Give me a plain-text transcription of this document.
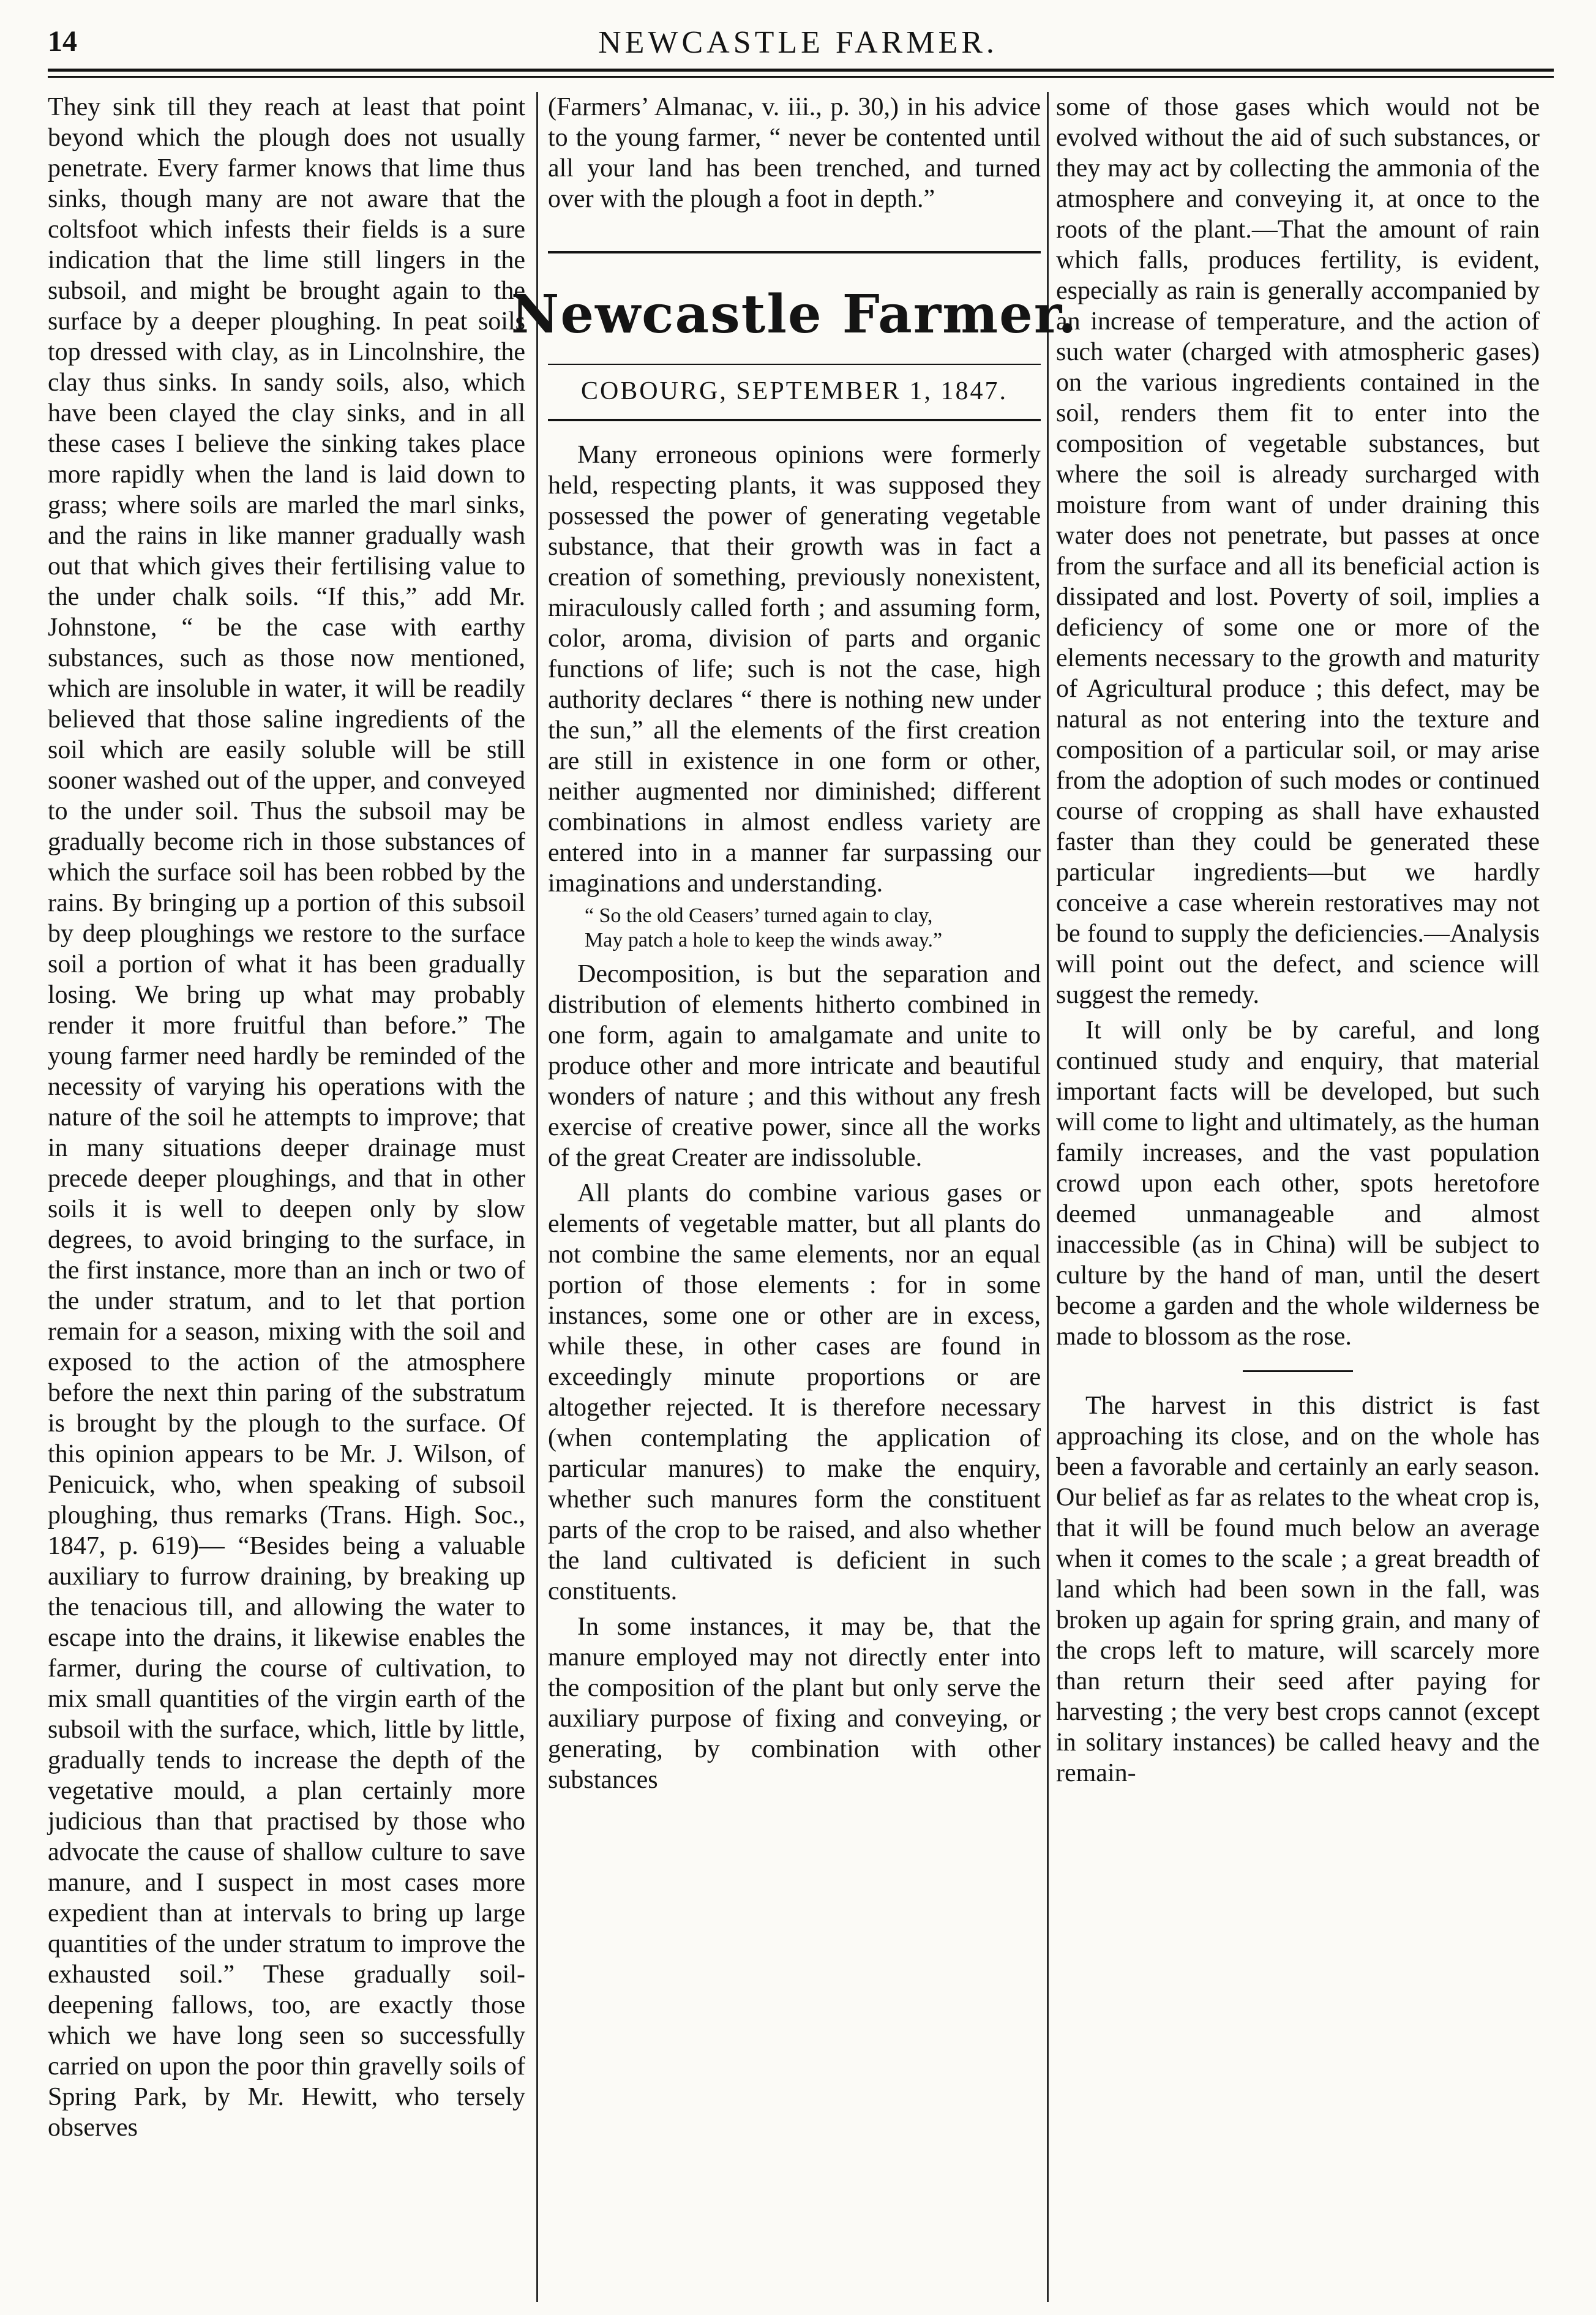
14	NEWCASTLE FARMER.

They sink till they reach at least that point beyond which the plough does not usually penetrate. Every farmer knows that lime thus sinks, though many are not aware that the coltsfoot which infests their fields is a sure indication that the lime still lingers in the subsoil, and might be brought again to the surface by a deeper ploughing. In peat soils top dressed with clay, as in Lincolnshire, the clay thus sinks. In sandy soils, also, which have been clayed the clay sinks, and in all these cases I believe the sinking takes place more rapidly when the land is laid down to grass; where soils are marled the marl sinks, and the rains in like manner gradually wash out that which gives their fertilising value to the under chalk soils. “If this,” add Mr. Johnstone, “ be the case with earthy substances, such as those now mentioned, which are insoluble in water, it will be readily believed that those saline ingredients of the soil which are easily soluble will be still sooner washed out of the upper, and conveyed to the under soil. Thus the subsoil may be gradually become rich in those substances of which the surface soil has been robbed by the rains. By bringing up a portion of this subsoil by deep ploughings we restore to the surface soil a portion of what it has been gradually losing. We bring up what may probably render it more fruitful than before.” The young farmer need hardly be reminded of the necessity of varying his operations with the nature of the soil he attempts to improve; that in many situations deeper drainage must precede deeper ploughings, and that in other soils it is well to deepen only by slow degrees, to avoid bringing to the surface, in the first instance, more than an inch or two of the under stratum, and to let that portion remain for a season, mixing with the soil and exposed to the action of the atmosphere before the next thin paring of the substratum is brought by the plough to the surface. Of this opinion appears to be Mr. J. Wilson, of Penicuick, who, when speaking of subsoil ploughing, thus remarks (Trans. High. Soc., 1847, p. 619)— “Besides being a valuable auxiliary to furrow draining, by breaking up the tenacious till, and allowing the water to escape into the drains, it likewise enables the farmer, during the course of cultivation, to mix small quantities of the virgin earth of the subsoil with the surface, which, little by little, gradually tends to increase the depth of the vegetative mould, a plan certainly more judicious than that practised by those who advocate the cause of shallow culture to save manure, and I suspect in most cases more expedient than at intervals to bring up large quantities of the under stratum to improve the exhausted soil.” These gradually soil-deepening fallows, too, are exactly those which we have long seen so successfully carried on upon the poor thin gravelly soils of Spring Park, by Mr. Hewitt, who tersely observes

(Farmers’ Almanac, v. iii., p. 30,) in his advice to the young farmer, “ never be contented until all your land has been trenched, and turned over with the plough a foot in depth.”

Newcastle Farmer.
COBOURG, SEPTEMBER 1, 1847.

Many erroneous opinions were formerly held, respecting plants, it was supposed they possessed the power of generating vegetable substance, that their growth was in fact a creation of something, previously nonexistent, miraculously called forth ; and assuming form, color, aroma, division of parts and organic functions of life; such is not the case, high authority declares “ there is nothing new under the sun,” all the elements of the first creation are still in existence in one form or other, neither augmented nor diminished; different combinations in almost endless variety are entered into in a manner far surpassing our imaginations and understanding.

“ So the old Ceasers’ turned again to clay,
May patch a hole to keep the winds away.”

Decomposition, is but the separation and distribution of elements hitherto combined in one form, again to amalgamate and unite to produce other and more intricate and beautiful wonders of nature ; and this without any fresh exercise of creative power, since all the works of the great Creater are indissoluble.

All plants do combine various gases or elements of vegetable matter, but all plants do not combine the same elements, nor an equal portion of those elements : for in some instances, some one or other are in excess, while these, in other cases are found in exceedingly minute proportions or are altogether rejected. It is therefore necessary (when contemplating the application of particular manures) to make the enquiry, whether such manures form the constituent parts of the crop to be raised, and also whether the land cultivated is deficient in such constituents.

In some instances, it may be, that the manure employed may not directly enter into the composition of the plant but only serve the auxiliary purpose of fixing and conveying, or generating, by combination with other substances

some of those gases which would not be evolved without the aid of such substances, or they may act by collecting the ammonia of the atmosphere and conveying it, at once to the roots of the plant.—That the amount of rain which falls, produces fertility, is evident, especially as rain is generally accompanied by an increase of temperature, and the action of such water (charged with atmospheric gases) on the various ingredients contained in the soil, renders them fit to enter into the composition of vegetable substances, but where the soil is already surcharged with moisture from want of under draining this water does not penetrate, but passes at once from the surface and all its beneficial action is dissipated and lost. Poverty of soil, implies a deficiency of some one or more of the elements necessary to the growth and maturity of Agricultural produce ; this defect, may be natural as not entering into the texture and composition of a particular soil, or may arise from the adoption of such modes or continued course of cropping as shall have exhausted faster than they could be generated these particular ingredients—but we hardly conceive a case wherein restoratives may not be found to supply the deficiencies.—Analysis will point out the defect, and science will suggest the remedy.

It will only be by careful, and long continued study and enquiry, that material important facts will be developed, but such will come to light and ultimately, as the human family increases, and the vast population crowd upon each other, spots heretofore deemed unmanageable and almost inaccessible (as in China) will be subject to culture by the hand of man, until the desert become a garden and the whole wilderness be made to blossom as the rose.

The harvest in this district is fast approaching its close, and on the whole has been a favorable and certainly an early season. Our belief as far as relates to the wheat crop is, that it will be found much below an average when it comes to the scale ; a great breadth of land which had been sown in the fall, was broken up again for spring grain, and many of the crops left to mature, will scarcely more than return their seed after paying for harvesting ; the very best crops cannot (except in solitary instances) be called heavy and the remain-
